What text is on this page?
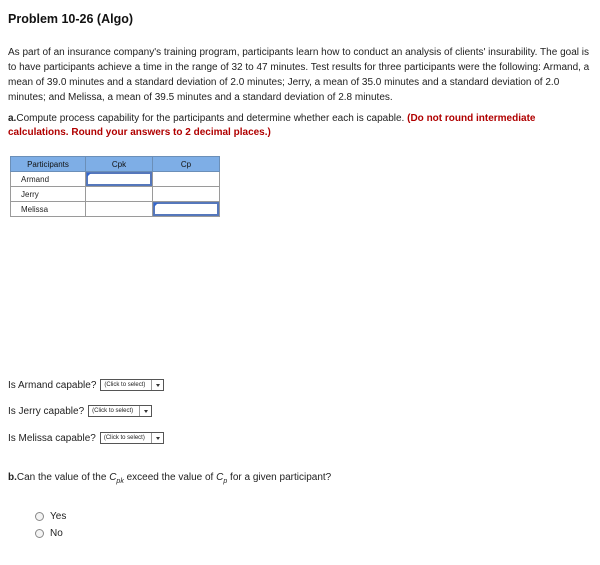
Problem 10-26 (Algo)

As part of an insurance company's training program, participants learn how to conduct an analysis of clients' insurability. The goal is to have participants achieve a time in the range of 32 to 47 minutes. Test results for three participants were the following: Armand, a mean of 39.0 minutes and a standard deviation of 2.0 minutes; Jerry, a mean of 35.0 minutes and a standard deviation of 2.0 minutes; and Melissa, a mean of 39.5 minutes and a standard deviation of 2.8 minutes.

a.Compute process capability for the participants and determine whether each is capable. (Do not round intermediate calculations. Round your answers to 2 decimal places.)

Participants	Cpk	Cp
Armand	

Jerry		
Melissa		
Is Armand capable? (Click to select)
Is Jerry capable? (Click to select)
Is Melissa capable? (Click to select)

b.Can the value of the $C_{pk}$ exceed the value of $C_p$ for a given participant?

Yes
No
